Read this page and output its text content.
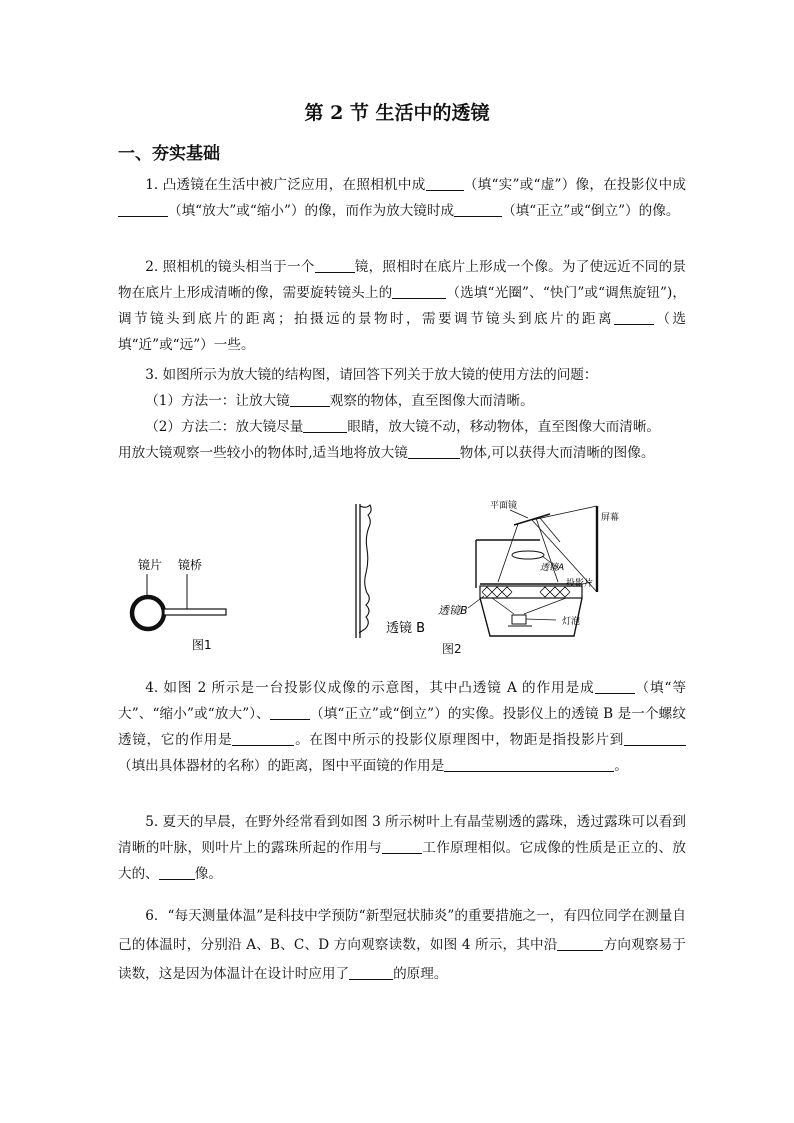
第 2 节 生活中的透镜
一、夯实基础

1. 凸透镜在生活中被广泛应用，在照相机中成	（填“实”或“虚”）像，在投影仪中成（填“放大”或“缩小”）的像，而作为放大镜时成	（填“正立”或“倒立”）的像。

2. 照相机的镜头相当于一个	镜，照相时在底片上形成一个像。为了使远近不同的景物在底片上形成清晰的像，需要旋转镜头上的	（选填“光圈”、“快门”或“调焦旋钮”)，调节镜头到底片的距离；拍摄远的景物时，需要调节镜头到底片的距离	（选填“近”或“远”）一些。

3. 如图所示为放大镜的结构图，请回答下列关于放大镜的使用方法的问题：

（1）方法一：让放大镜	观察的物体，直至图像大而清晰。

（2）方法二：放大镜尽量	眼睛，放大镜不动，移动物体，直至图像大而清晰。

用放大镜观察一些较小的物体时,适当地将放大镜	物体,可以获得大而清晰的图像。

镜片 镜桥
图1
透镜 B
平面镜
屏幕
透镜A
投影片
透镜B
灯泡
图2

4. 如图 2 所示是一台投影仪成像的示意图，其中凸透镜 A 的作用是成	（填“等大”、“缩小”或“放大”）、	（填“正立”或“倒立”）的实像。投影仪上的透镜 B 是一个螺纹透镜，它的作用是	。在图中所示的投影仪原理图中，物距是指投影片到（填出具体器材的名称）的距离，图中平面镜的作用是	。

5. 夏天的早晨，在野外经常看到如图 3 所示树叶上有晶莹剔透的露珠，透过露珠可以看到清晰的叶脉，则叶片上的露珠所起的作用与	工作原理相似。它成像的性质是正立的、放大的、	像。

6．“每天测量体温”是科技中学预防“新型冠状肺炎”的重要措施之一，有四位同学在测量自己的体温时，分别沿 A、B、C、D 方向观察读数，如图 4 所示，其中沿	方向观察易于读数，这是因为体温计在设计时应用了	的原理。
